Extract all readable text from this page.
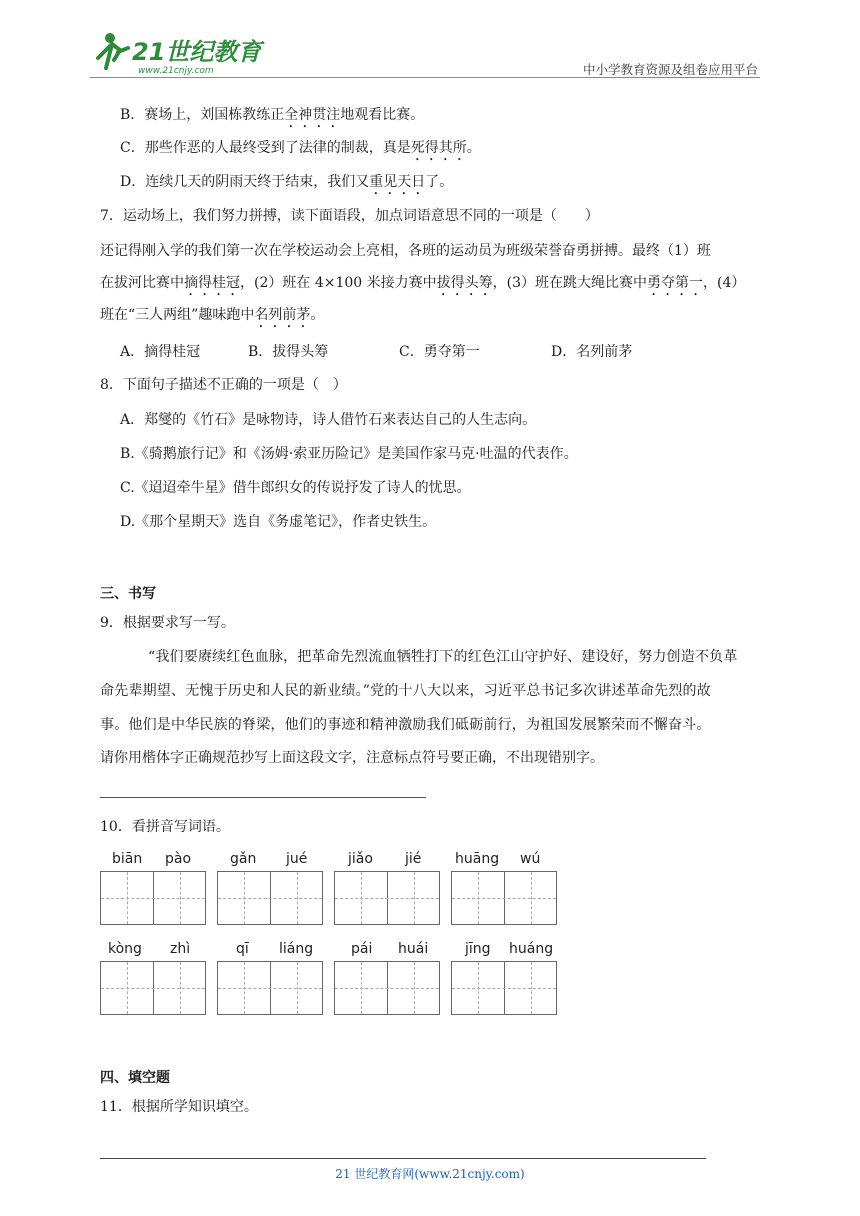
21世纪教育
www.21cnjy.com	中小学教育资源及组卷应用平台
B．赛场上，刘国栋教练正全神贯注地观看比赛。
C．那些作恶的人最终受到了法律的制裁，真是死得其所。
D．连续几天的阴雨天终于结束，我们又重见天日了。
7．运动场上，我们努力拼搏，读下面语段，加点词语意思不同的一项是（　　）
还记得刚入学的我们第一次在学校运动会上亮相，各班的运动员为班级荣誉奋勇拼搏。最终（1）班
在拔河比赛中摘得桂冠，(2）班在 4×100 米接力赛中拔得头筹，(3）班在跳大绳比赛中勇夺第一，(4）
班在“三人两组”趣味跑中名列前茅。
A．摘得桂冠	B．拔得头筹	C．勇夺第一	D．名列前茅
8．下面句子描述不正确的一项是（　）
A．郑燮的《竹石》是咏物诗，诗人借竹石来表达自己的人生志向。
B.《骑鹅旅行记》和《汤姆·索亚历险记》是美国作家马克·吐温的代表作。
C.《迢迢牵牛星》借牛郎织女的传说抒发了诗人的忧思。
D.《那个星期天》选自《务虚笔记》，作者史铁生。
三、书写
9．根据要求写一写。
“我们要赓续红色血脉，把革命先烈流血牺牲打下的红色江山守护好、建设好，努力创造不负革
命先辈期望、无愧于历史和人民的新业绩。”党的十八大以来，习近平总书记多次讲述革命先烈的故
事。他们是中华民族的脊梁，他们的事迹和精神激励我们砥砺前行，为祖国发展繁荣而不懈奋斗。
请你用楷体字正确规范抄写上面这段文字，注意标点符号要正确，不出现错别字。
10．看拼音写词语。
biān pào	gǎn jué	jiǎo jié huāng wú
kòng zhì	qī liáng	pái huái	jīng huáng
四、填空题
11．根据所学知识填空。
21 世纪教育网(www.21cnjy.com)
